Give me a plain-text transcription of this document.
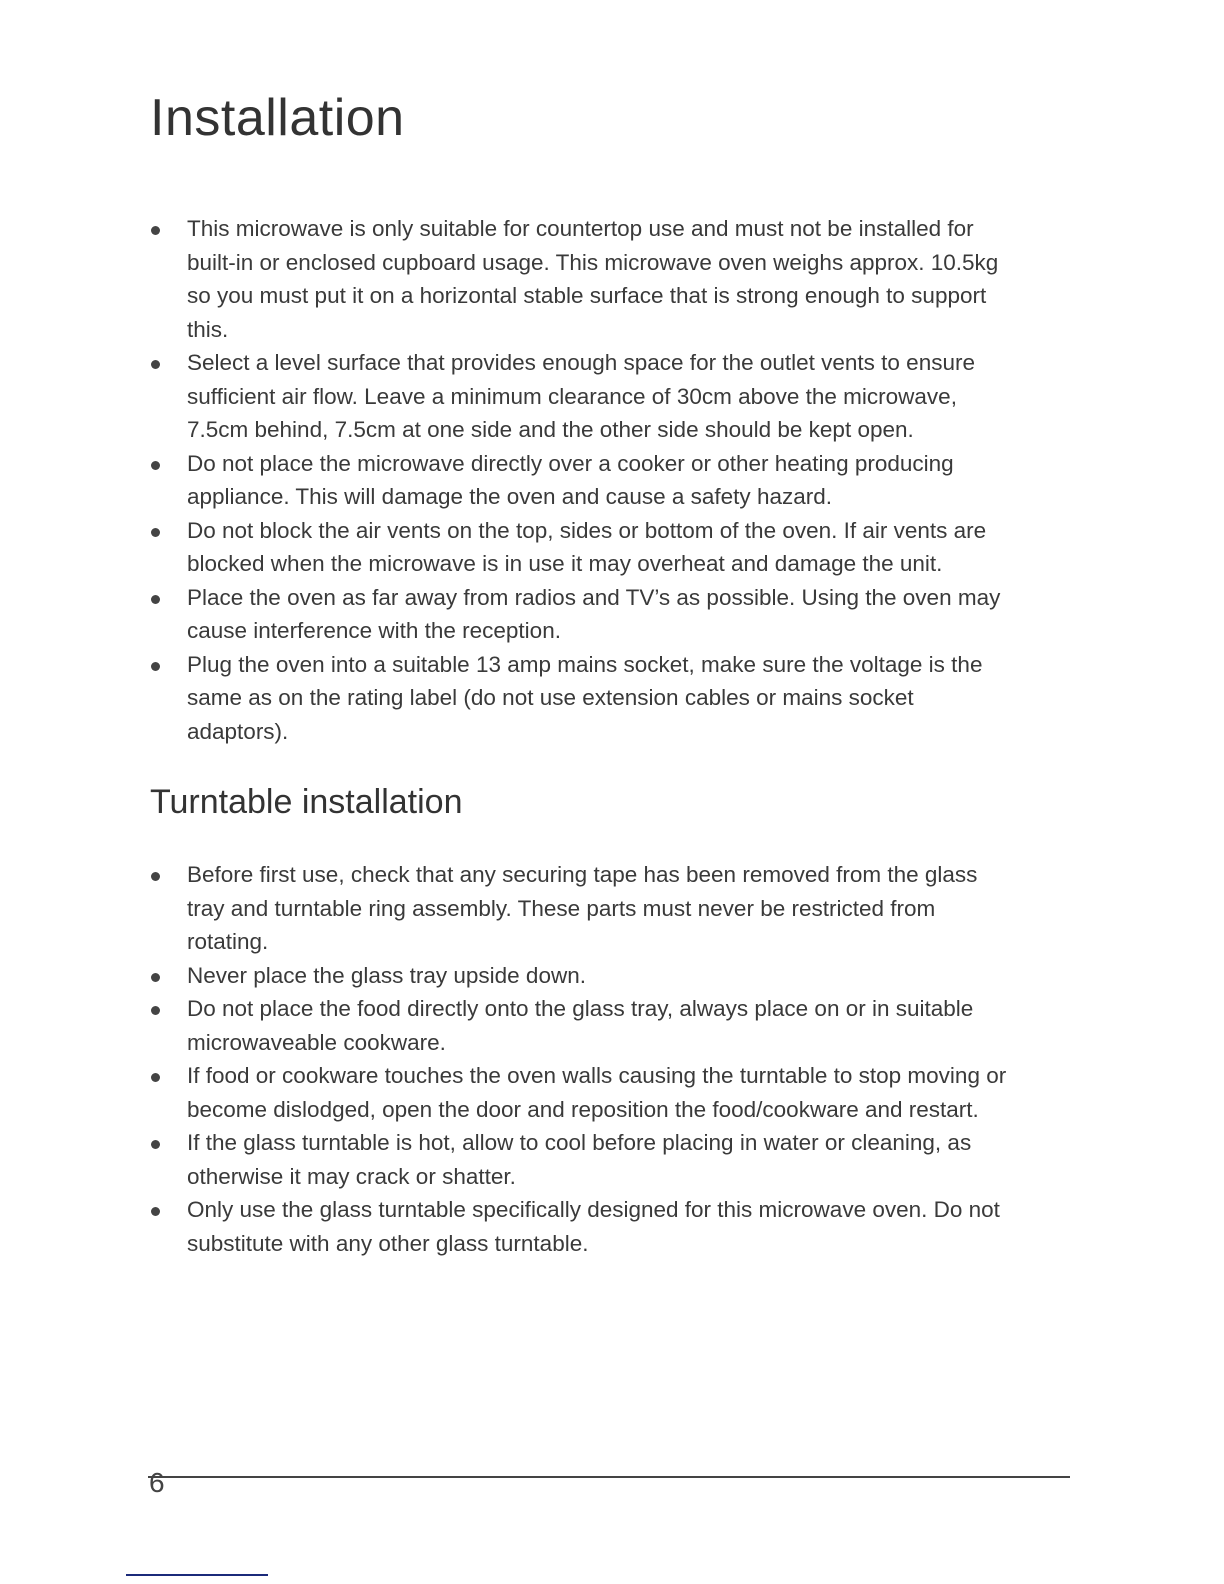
Installation
This microwave is only suitable for countertop use and must not be installed for
built-in or enclosed cupboard usage. This microwave oven weighs approx. 10.5kg
so you must put it on a horizontal stable surface that is strong enough to support
this.
Select a level surface that provides enough space for the outlet vents to ensure
sufficient air flow. Leave a minimum clearance of 30cm above the microwave,
7.5cm behind, 7.5cm at one side and the other side should be kept open.
Do not place the microwave directly over a cooker or other heating producing
appliance. This will damage the oven and cause a safety hazard.
Do not block the air vents on the top, sides or bottom of the oven. If air vents are
blocked when the microwave is in use it may overheat and damage the unit.
Place the oven as far away from radios and TV’s as possible. Using the oven may
cause interference with the reception.
Plug the oven into a suitable 13 amp mains socket, make sure the voltage is the
same as on the rating label (do not use extension cables or mains socket
adaptors).
Turntable installation
Before first use, check that any securing tape has been removed from the glass
tray and turntable ring assembly. These parts must never be restricted from
rotating.
Never place the glass tray upside down.
Do not place the food directly onto the glass tray, always place on or in suitable
microwaveable cookware.
If food or cookware touches the oven walls causing the turntable to stop moving or
become dislodged, open the door and reposition the food/cookware and restart.
If the glass turntable is hot, allow to cool before placing in water or cleaning, as
otherwise it may crack or shatter.
Only use the glass turntable specifically designed for this microwave oven. Do not
substitute with any other glass turntable.
6
